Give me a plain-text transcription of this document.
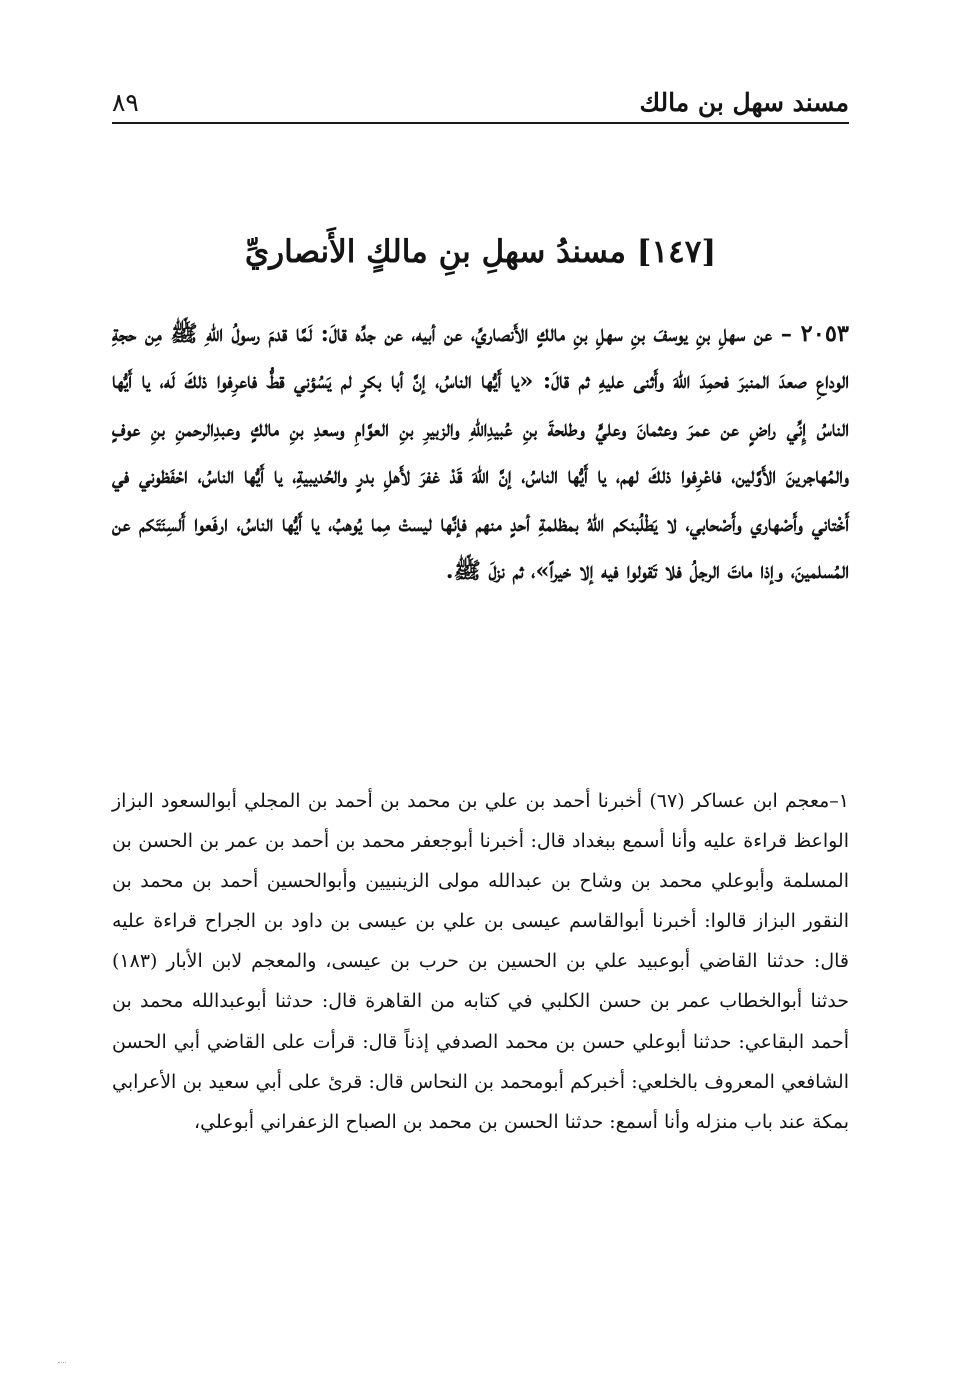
مسند سهل بن مالك
٨٩
[١٤٧] مسندُ سهلِ بنِ مالكٍ الأَنصاريِّ

٢٠٥٣ – عن سهلِ بنِ يوسفَ بنِ سهلِ بنِ مالكٍ الأَنصاريِّ، عن أبيه، عن جدِّه قالَ: لَمَّا قدمَ رسولُ اللهِ ﷺ مِن حجةِ الوداعِ صعدَ المنبرَ فحمِدَ اللهَ وأَثنى عليهِ ثم قالَ: «يا أَيُّها الناسُ، إنَّ أبا بكرٍ لم يَسُؤني قطُّ فاعرِفوا ذلكَ لَه، يا أَيُّها الناسُ إِنِّي راضٍ عن عمرَ وعثمانَ وعليٍّ وطلحةَ بنِ عُبيدِاللهِ والزبيرِ بنِ العوَّامِ وسعدِ بنِ مالكٍ وعبدِالرحمنِ بنِ عوفٍ والمُهاجرينَ الأَوَّلين، فاعْرِفوا ذلكَ لهم، يا أَيُّها الناسُ، إنَّ اللهَ قَدْ غفرَ لأَهلِ بدرٍ والحُديبيةِ، يا أَيُّها الناسُ، احْفَظوني في أَخْتاني وأَصْهاري وأَصْحابي، لا يَطْلُبنكم اللهُ بمظلمةِ أحدٍ منهم فإنَّها ليستْ مِما يُوهبُ، يا أَيُّها الناسُ، ارفَعوا أَلسِنَتَكم عن المُسلمينَ، وإذا ماتَ الرجلُ فلا تَقولوا فيه إلا خيراً»، ثم نزلَ ﷺ.

١–معجم ابن عساكر (٦٧) أخبرنا أحمد بن علي بن محمد بن أحمد بن المجلي أبوالسعود البزاز الواعظ قراءة عليه وأنا أسمع ببغداد قال: أخبرنا أبوجعفر محمد بن أحمد بن عمر بن الحسن بن المسلمة وأبوعلي محمد بن وشاح بن عبدالله مولى الزينبيين وأبوالحسين أحمد بن محمد بن النقور البزاز قالوا: أخبرنا أبوالقاسم عيسى بن علي بن عيسى بن داود بن الجراح قراءة عليه قال: حدثنا القاضي أبوعبيد علي بن الحسين بن حرب بن عيسى، والمعجم لابن الأبار (١٨٣) حدثنا أبوالخطاب عمر بن حسن الكلبي في كتابه من القاهرة قال: حدثنا أبوعبدالله محمد بن أحمد البقاعي: حدثنا أبوعلي حسن بن محمد الصدفي إذناً قال: قرأت على القاضي أبي الحسن الشافعي المعروف بالخلعي: أخبركم أبومحمد بن النحاس قال: قرئ على أبي سعيد بن الأعرابي بمكة عند باب منزله وأنا أسمع: حدثنا الحسن بن محمد بن الصباح الزعفراني أبوعلي،
